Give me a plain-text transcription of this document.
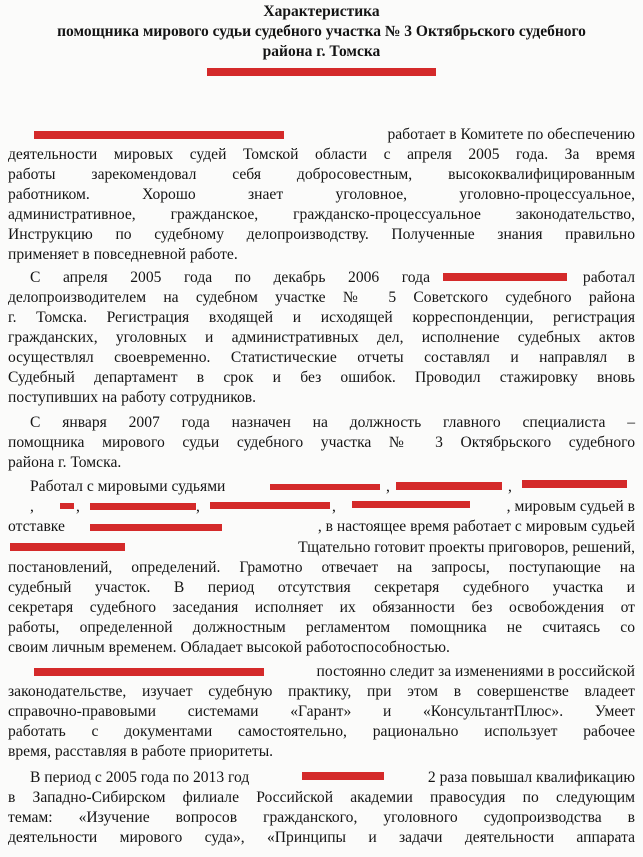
Характеристика
помощника мирового судьи судебного участка № 3 Октябрьского судебного
района г. Томска
работает в Комитете по обеспечению
деятельности мировых судей Томской области с апреля 2005 года. За время
работы зарекомендовал себя добросовестным, высококвалифицированным
работником. Хорошо знает уголовное, уголовно-процессуальное,
административное, гражданское, гражданско-процессуальное законодательство,
Инструкцию по судебному делопроизводству. Полученные знания правильно
применяет в повседневной работе.
С апреля 2005 года по декабрь 2006 года	работал
делопроизводителем на судебном участке № 5 Советского судебного района
г. Томска. Регистрация входящей и исходящей корреспонденции, регистрация
гражданских, уголовных и административных дел, исполнение судебных актов
осуществлял своевременно. Статистические отчеты составлял и направлял в
Судебный департамент в срок и без ошибок. Проводил стажировку вновь
поступивших на работу сотрудников.
С января 2007 года назначен на должность главного специалиста –
помощника мирового судьи судебного участка № 3 Октябрьского судебного
района г. Томска.
Работал с мировыми судьями	,	,
,	,	,	,	, мировым судьей в
отставке	, в настоящее время работает с мировым судьей
Тщательно готовит проекты приговоров, решений,
постановлений, определений. Грамотно отвечает на запросы, поступающие на
судебный участок. В период отсутствия секретаря судебного участка и
секретаря судебного заседания исполняет их обязанности без освобождения от
работы, определенной должностным регламентом помощника не считаясь со
своим личным временем. Обладает высокой работоспособностью.
постоянно следит за изменениями в российской
законодательстве, изучает судебную практику, при этом в совершенстве владеет
справочно-правовыми системами «Гарант» и «КонсультантПлюс». Умеет
работать с документами самостоятельно, рационально использует рабочее
время, расставляя в работе приоритеты.
В период с 2005 года по 2013 год	2 раза повышал квалификацию
в Западно-Сибирском филиале Российской академии правосудия по следующим
темам: «Изучение вопросов гражданского, уголовного судопроизводства в
деятельности мирового суда», «Принципы и задачи деятельности аппарата
